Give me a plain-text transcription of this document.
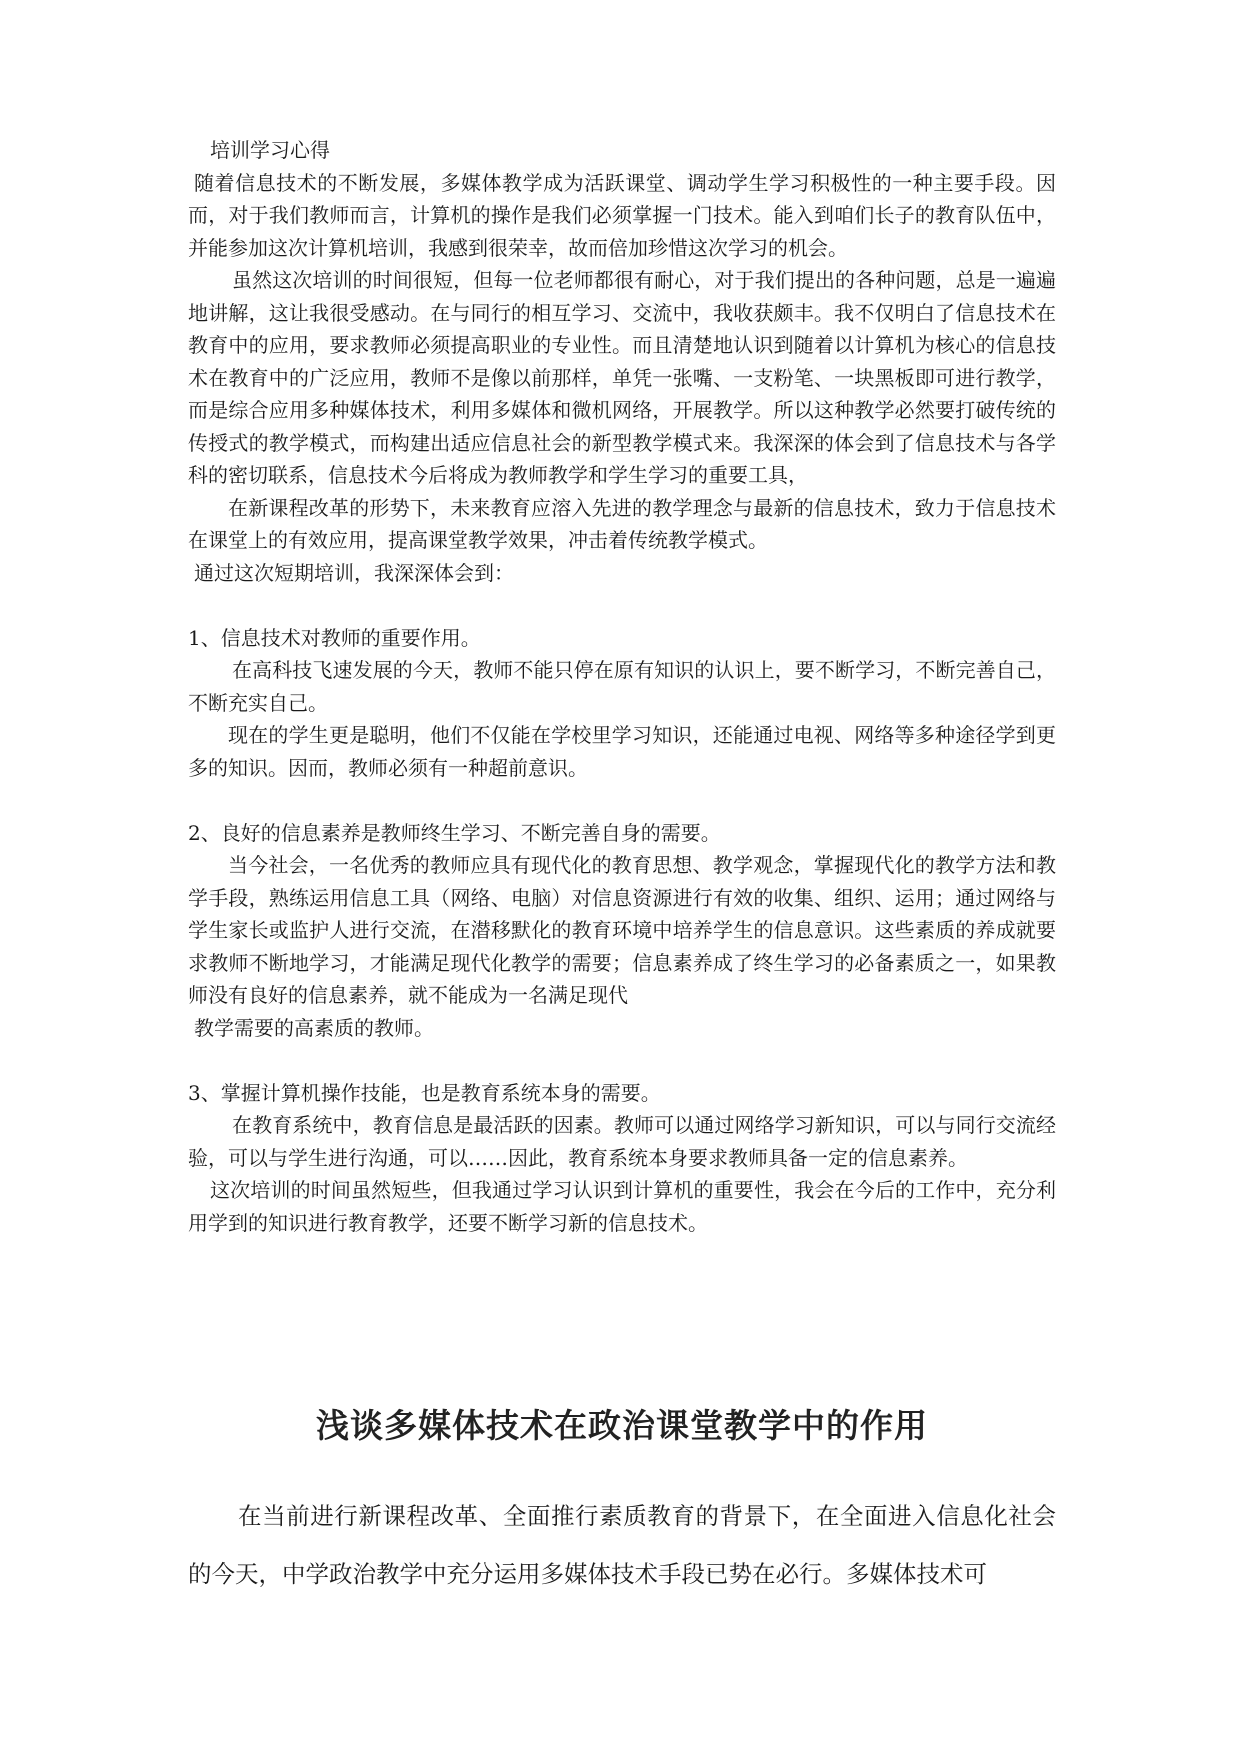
培训学习心得

随着信息技术的不断发展，多媒体教学成为活跃课堂、调动学生学习积极性的一种主要手段。因而，对于我们教师而言，计算机的操作是我们必须掌握一门技术。能入到咱们长子的教育队伍中，并能参加这次计算机培训，我感到很荣幸，故而倍加珍惜这次学习的机会。

虽然这次培训的时间很短，但每一位老师都很有耐心，对于我们提出的各种问题，总是一遍遍地讲解，这让我很受感动。在与同行的相互学习、交流中，我收获颇丰。我不仅明白了信息技术在教育中的应用，要求教师必须提高职业的专业性。而且清楚地认识到随着以计算机为核心的信息技术在教育中的广泛应用，教师不是像以前那样，单凭一张嘴、一支粉笔、一块黑板即可进行教学，而是综合应用多种媒体技术，利用多媒体和微机网络，开展教学。所以这种教学必然要打破传统的传授式的教学模式，而构建出适应信息社会的新型教学模式来。我深深的体会到了信息技术与各学科的密切联系，信息技术今后将成为教师教学和学生学习的重要工具，

在新课程改革的形势下，未来教育应溶入先进的教学理念与最新的信息技术，致力于信息技术在课堂上的有效应用，提高课堂教学效果，冲击着传统教学模式。

通过这次短期培训，我深深体会到：

1、信息技术对教师的重要作用。

在高科技飞速发展的今天，教师不能只停在原有知识的认识上，要不断学习，不断完善自己，不断充实自己。

现在的学生更是聪明，他们不仅能在学校里学习知识，还能通过电视、网络等多种途径学到更多的知识。因而，教师必须有一种超前意识。

2、良好的信息素养是教师终生学习、不断完善自身的需要。

当今社会，一名优秀的教师应具有现代化的教育思想、教学观念，掌握现代化的教学方法和教学手段，熟练运用信息工具（网络、电脑）对信息资源进行有效的收集、组织、运用；通过网络与学生家长或监护人进行交流，在潜移默化的教育环境中培养学生的信息意识。这些素质的养成就要求教师不断地学习，才能满足现代化教学的需要；信息素养成了终生学习的必备素质之一，如果教师没有良好的信息素养，就不能成为一名满足现代

教学需要的高素质的教师。

3、掌握计算机操作技能，也是教育系统本身的需要。

在教育系统中，教育信息是最活跃的因素。教师可以通过网络学习新知识，可以与同行交流经验，可以与学生进行沟通，可以……因此，教育系统本身要求教师具备一定的信息素养。

这次培训的时间虽然短些，但我通过学习认识到计算机的重要性，我会在今后的工作中，充分利用学到的知识进行教育教学，还要不断学习新的信息技术。

浅谈多媒体技术在政治课堂教学中的作用

在当前进行新课程改革、全面推行素质教育的背景下，在全面进入信息化社会的今天，中学政治教学中充分运用多媒体技术手段已势在必行。多媒体技术可
